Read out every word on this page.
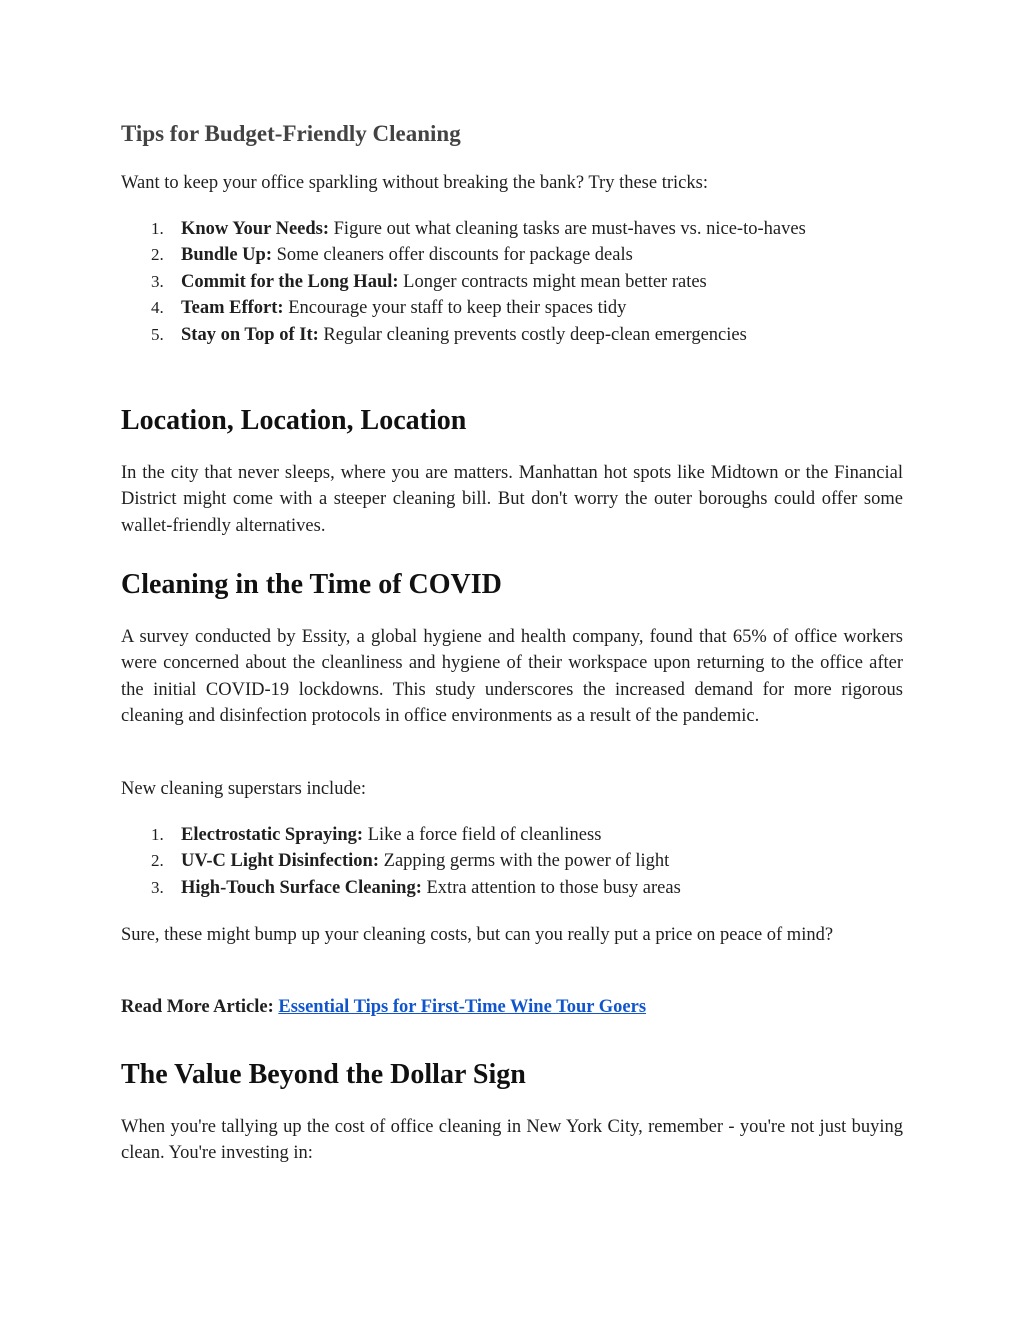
Tips for Budget-Friendly Cleaning

Want to keep your office sparkling without breaking the bank? Try these tricks:

1. Know Your Needs: Figure out what cleaning tasks are must-haves vs. nice-to-haves
2. Bundle Up: Some cleaners offer discounts for package deals
3. Commit for the Long Haul: Longer contracts might mean better rates
4. Team Effort: Encourage your staff to keep their spaces tidy
5. Stay on Top of It: Regular cleaning prevents costly deep-clean emergencies
Location, Location, Location

In the city that never sleeps, where you are matters. Manhattan hot spots like Midtown or the Financial District might come with a steeper cleaning bill. But don't worry the outer boroughs could offer some wallet-friendly alternatives.

Cleaning in the Time of COVID

A survey conducted by Essity, a global hygiene and health company, found that 65% of office workers were concerned about the cleanliness and hygiene of their workspace upon returning to the office after the initial COVID-19 lockdowns. This study underscores the increased demand for more rigorous cleaning and disinfection protocols in office environments as a result of the pandemic.

New cleaning superstars include:

1. Electrostatic Spraying: Like a force field of cleanliness
2. UV-C Light Disinfection: Zapping germs with the power of light
3. High-Touch Surface Cleaning: Extra attention to those busy areas

Sure, these might bump up your cleaning costs, but can you really put a price on peace of mind?

Read More Article: Essential Tips for First-Time Wine Tour Goers

The Value Beyond the Dollar Sign

When you're tallying up the cost of office cleaning in New York City, remember - you're not just buying clean. You're investing in:
